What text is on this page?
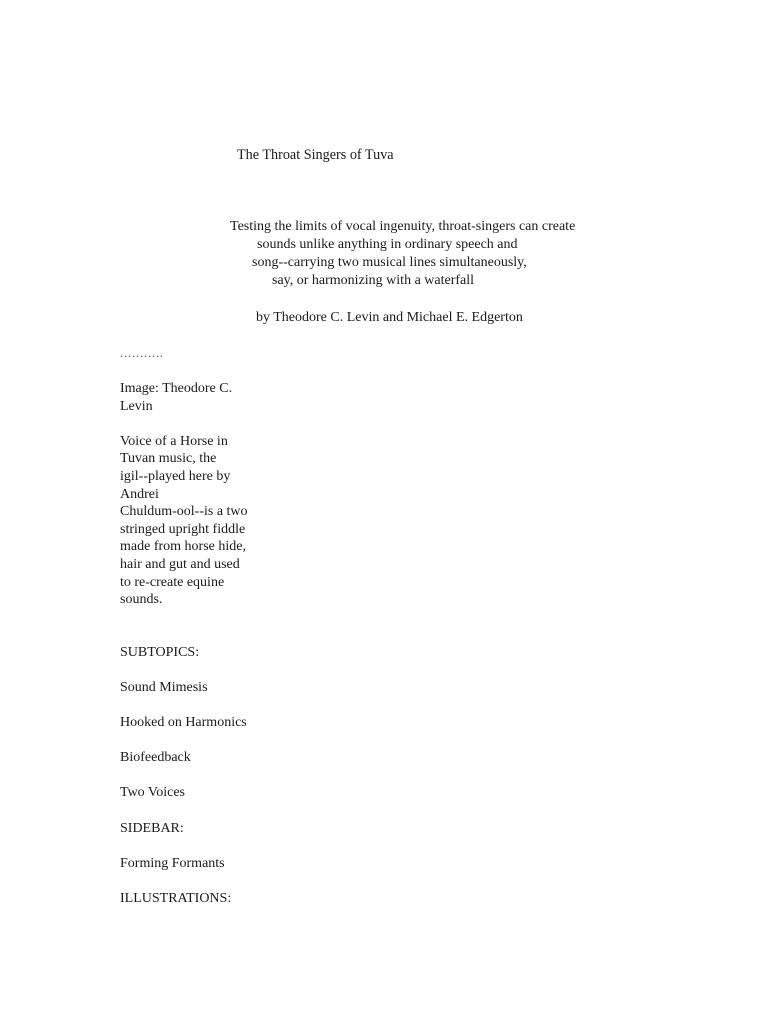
The Throat Singers of Tuva
Testing the limits of vocal ingenuity, throat-singers can create
sounds unlike anything in ordinary speech and
song--carrying two musical lines simultaneously,
say, or harmonizing with a waterfall
by Theodore C. Levin and Michael E. Edgerton
...........
Image: Theodore C.
Levin
Voice of a Horse in
Tuvan music, the
igil--played here by
Andrei
Chuldum-ool--is a two
stringed upright fiddle
made from horse hide,
hair and gut and used
to re-create equine
sounds.
SUBTOPICS:
Sound Mimesis
Hooked on Harmonics
Biofeedback
Two Voices
SIDEBAR:
Forming Formants
ILLUSTRATIONS:
